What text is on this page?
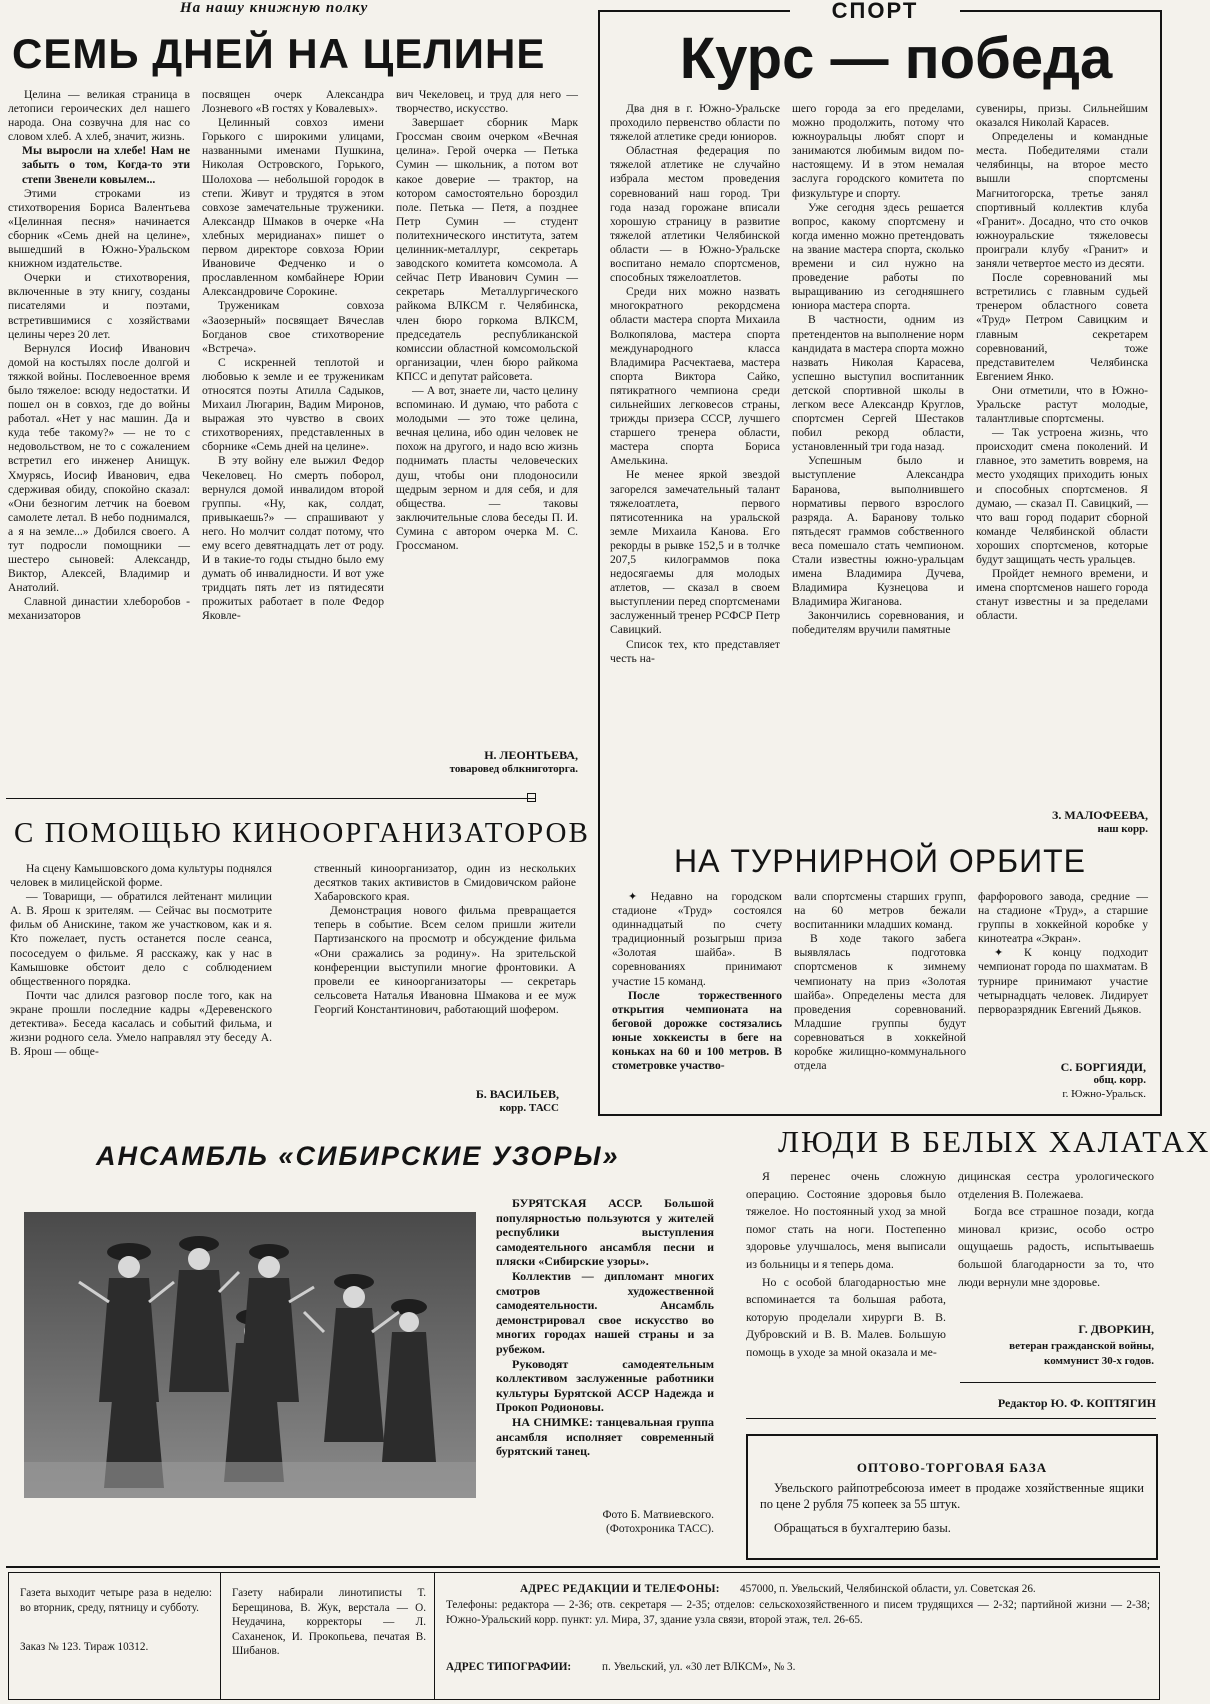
На нашу книжную полку
СЕМЬ ДНЕЙ НА ЦЕЛИНЕ

Целина — великая страница в летописи героических дел нашего народа. Она созвучна для нас со словом хлеб. А хлеб, значит, жизнь.

Мы выросли на хлебе! Нам не забыть о том, Когда-то эти степи Звенели ковылем...

Этими строками из стихотворения Бориса Валентьева «Целинная песня» начинается сборник «Семь дней на целине», вышедший в Южно-Уральском книжном издательстве.

Очерки и стихотворения, включенные в эту книгу, созданы писателями и поэтами, встретившимися с хозяйствами целины через 20 лет.

Вернулся Иосиф Иванович домой на костылях после долгой и тяжкой войны. Послевоенное время было тяжелое: всюду недостатки. И пошел он в совхоз, где до войны работал. «Нет у нас машин. Да и куда тебе такому?» — не то с недовольством, не то с сожалением встретил его инженер Анищук. Хмурясь, Иосиф Иванович, едва сдерживая обиду, спокойно сказал: «Они безногим летчик на боевом самолете летал. В небо поднимался, а я на земле...» Добился своего. А тут подросли помощники — шестеро сыновей: Александр, Виктор, Алексей, Владимир и Анатолий.

Славной династии хлеборобов - механизаторов

посвящен очерк Александра Лозневого «В гостях у Ковалевых».

Целинный совхоз имени Горького с широкими улицами, названными именами Пушкина, Николая Островского, Горького, Шолохова — небольшой городок в степи. Живут и трудятся в этом совхозе замечательные труженики. Александр Шмаков в очерке «На хлебных меридианах» пишет о первом директоре совхоза Юрии Ивановиче Федченко и о прославленном комбайнере Юрии Александровиче Сорокине.

Труженикам совхоза «Заозерный» посвящает Вячеслав Богданов свое стихотворение «Встреча».

С искренней теплотой и любовью к земле и ее труженикам относятся поэты Атилла Садыков, Михаил Люгарин, Вадим Миронов, выражая это чувство в своих стихотворениях, представленных в сборнике «Семь дней на целине».

В эту войну еле выжил Федор Чекеловец. Но смерть поборол, вернулся домой инвалидом второй группы. «Ну, как, солдат, привыкаешь?» — спрашивают у него. Но молчит солдат потому, что ему всего девятнадцать лет от роду. И в такие-то годы стыдно было ему думать об инвалидности. И вот уже тридцать пять лет из пятидесяти прожитых работает в поле Федор Яковле-

вич Чекеловец, и труд для него — творчество, искусство.

Завершает сборник Марк Гроссман своим очерком «Вечная целина». Герой очерка — Петька Сумин — школьник, а потом вот какое доверие — трактор, на котором самостоятельно бороздил поле. Петька — Петя, а позднее Петр Сумин — студент политехнического института, затем целинник-металлург, секретарь заводского комитета комсомола. А сейчас Петр Иванович Сумин — секретарь Металлургического райкома ВЛКСМ г. Челябинска, член бюро горкома ВЛКСМ, председатель республиканской комиссии областной комсомольской организации, член бюро райкома КПСС и депутат райсовета.

— А вот, знаете ли, часто целину вспоминаю. И думаю, что работа с молодыми — это тоже целина, вечная целина, ибо один человек не похож на другого, и надо всю жизнь поднимать пласты человеческих душ, чтобы они плодоносили щедрым зерном и для себя, и для общества. — таковы заключительные слова беседы П. И. Сумина с автором очерка М. С. Гроссманом.

Н. ЛЕОНТЬЕВА,
товаровед облкниготорга.
С ПОМОЩЬЮ КИНООРГАНИЗАТОРОВ

На сцену Камышовского дома культуры поднялся человек в милицейской форме.

— Товарищи, — обратился лейтенант милиции А. В. Ярош к зрителям. — Сейчас вы посмотрите фильм об Анискине, таком же участковом, как и я. Кто пожелает, пусть останется после сеанса, пососедуем о фильме. Я расскажу, как у нас в Камышовке обстоит дело с соблюдением общественного порядка.

Почти час длился разговор после того, как на экране прошли последние кадры «Деревенского детектива». Беседа касалась и событий фильма, и жизни родного села. Умело направлял эту беседу А. В. Ярош — обще-

ственный киноорганизатор, один из нескольких десятков таких активистов в Смидовичском районе Хабаровского края.

Демонстрация нового фильма превращается теперь в событие. Всем селом пришли жители Партизанского на просмотр и обсуждение фильма «Они сражались за родину». На зрительской конференции выступили многие фронтовики. А провели ее киноорганизаторы — секретарь сельсовета Наталья Ивановна Шмакова и ее муж Георгий Константинович, работающий шофером.

Б. ВАСИЛЬЕВ,
корр. ТАСС
СПОРТ
Курс — победа

Два дня в г. Южно-Уральске проходило первенство области по тяжелой атлетике среди юниоров.

Областная федерация по тяжелой атлетике не случайно избрала местом проведения соревнований наш город. Три года назад горожане вписали хорошую страницу в развитие тяжелой атлетики Челябинской области — в Южно-Уральске воспитано немало спортсменов, способных тяжелоатлетов.

Среди них можно назвать многократного рекордсмена области мастера спорта Михаила Волкопялова, мастера спорта международного класса Владимира Расчектаева, мастера спорта Виктора Сайко, пятикратного чемпиона среди сильнейших легковесов страны, трижды призера СССР, лучшего старшего тренера области, мастера спорта Бориса Амелькина.

Не менее яркой звездой загорелся замечательный талант тяжелоатлета, первого пятисотенника на уральской земле Михаила Канова. Его рекорды в рывке 152,5 и в толчке 207,5 килограммов пока недосягаемы для молодых атлетов, — сказал в своем выступлении перед спортсменами заслуженный тренер РСФСР Петр Савицкий.

Список тех, кто представляет честь на-

шего города за его пределами, можно продолжить, потому что южноуральцы любят спорт и занимаются любимым видом по-настоящему. И в этом немалая заслуга городского комитета по физкультуре и спорту.

Уже сегодня здесь решается вопрос, какому спортсмену и когда именно можно претендовать на звание мастера спорта, сколько времени и сил нужно на проведение работы по выращиванию из сегодняшнего юниора мастера спорта.

В частности, одним из претендентов на выполнение норм кандидата в мастера спорта можно назвать Николая Карасева, успешно выступил воспитанник детской спортивной школы в легком весе Александр Круглов, спортсмен Сергей Шестаков побил рекорд области, установленный три года назад.

Успешным было и выступление Александра Баранова, выполнившего нормативы первого взрослого разряда. А. Баранову только пятьдесят граммов собственного веса помешало стать чемпионом. Стали известны южно-уральцам имена Владимира Дучева, Владимира Кузнецова и Владимира Жиганова.

Закончились соревнования, и победителям вручили памятные

сувениры, призы. Сильнейшим оказался Николай Карасев.

Определены и командные места. Победителями стали челябинцы, на второе место вышли спортсмены Магнитогорска, третье занял спортивный коллектив клуба «Гранит». Досадно, что сто очков южноуральские тяжеловесы проиграли клубу «Гранит» и заняли четвертое место из десяти.

После соревнований мы встретились с главным судьей тренером областного совета «Труд» Петром Савицким и главным секретарем соревнований, тоже представителем Челябинска Евгением Янко.

Они отметили, что в Южно-Уральске растут молодые, талантливые спортсмены.

— Так устроена жизнь, что происходит смена поколений. И главное, это заметить вовремя, на место уходящих приходить юных и способных спортсменов. Я думаю, — сказал П. Савицкий, — что ваш город подарит сборной команде Челябинской области хороших спортсменов, которые будут защищать честь уральцев.

Пройдет немного времени, и имена спортсменов нашего города станут известны и за пределами области.

З. МАЛОФЕЕВА,
наш корр.
НА ТУРНИРНОЙ ОРБИТЕ

✦ Недавно на городском стадионе «Труд» состоялся одиннадцатый по счету традиционный розыгрыш приза «Золотая шайба». В соревнованиях принимают участие 15 команд.

После торжественного открытия чемпионата на беговой дорожке состязались юные хоккеисты в беге на коньках на 60 и 100 метров. В стометровке участво-

вали спортсмены старших групп, на 60 метров бежали воспитанники младших команд.

В ходе такого забега выявлялась подготовка спортсменов к зимнему чемпионату на приз «Золотая шайба». Определены места для проведения соревнований. Младшие группы будут соревноваться в хоккейной коробке жилищно-коммунального отдела

фарфорового завода, средние — на стадионе «Труд», а старшие группы в хоккейной коробке у кинотеатра «Экран».

✦ К концу подходит чемпионат города по шахматам. В турнире принимают участие четырнадцать человек. Лидирует перворазрядник Евгений Дьяков.

С. БОРГИЯДИ,
общ. корр.
г. Южно-Уральск.
АНСАМБЛЬ «СИБИРСКИЕ УЗОРЫ»

БУРЯТСКАЯ АССР. Большой популярностью пользуются у жителей республики выступления самодеятельного ансамбля песни и пляски «Сибирские узоры».

Коллектив — дипломант многих смотров художественной самодеятельности. Ансамбль демонстрировал свое искусство во многих городах нашей страны и за рубежом.

Руководят самодеятельным коллективом заслуженные работники культуры Бурятской АССР Надежда и Прокоп Родионовы.

НА СНИМКЕ: танцевальная группа ансамбля исполняет современный бурятский танец.

Фото Б. Матвиевского.
(Фотохроника ТАСС).
ЛЮДИ В БЕЛЫХ ХАЛАТАХ

Я перенес очень сложную операцию. Состояние здоровья было тяжелое. Но постоянный уход за мной помог стать на ноги. Постепенно здоровье улучшалось, меня выписали из больницы и я теперь дома.

Но с особой благодарностью мне вспоминается та большая работа, которую проделали хирурги В. В. Дубровский и В. В. Малев. Большую помощь в уходе за мной оказала и ме-

дицинская сестра урологического отделения В. Полежаева.

Богда все страшное позади, когда миновал кризис, особо остро ощущаешь радость, испытываешь большой благодарности за то, что люди вернули мне здоровье.

Г. ДВОРКИН,
ветеран гражданской войны,
коммунист 30-х годов.
Редактор Ю. Ф. КОПТЯГИН
ОПТОВО-ТОРГОВАЯ БАЗА
Увельского райпотребсоюза имеет в продаже хозяйственные ящики по цене 2 рубля 75 копеек за 55 штук.
Обращаться в бухгалтерию базы.
Газета выходит четыре раза в неделю: во вторник, среду, пятницу и субботу.
Заказ № 123. Тираж 10312.
Газету набирали линотиписты Т. Берещинова, В. Жук, верстала — О. Неудачина, корректоры — Л. Саханенок, И. Прокопьева, печатая В. Шибанов.
АДРЕС РЕДАКЦИИ И ТЕЛЕФОНЫ:	457000, п. Увельский, Челябинской области, ул. Советская 26.
Телефоны: редактора — 2-36; отв. секретаря — 2-35; отделов: сельскохозяйственного и писем трудящихся — 2-32; партийной жизни — 2-38; Южно-Уральский корр. пункт: ул. Мира, 37, здание узла связи, второй этаж, тел. 26-65.
АДРЕС ТИПОГРАФИИ:	п. Увельский, ул. «30 лет ВЛКСМ», № 3.
